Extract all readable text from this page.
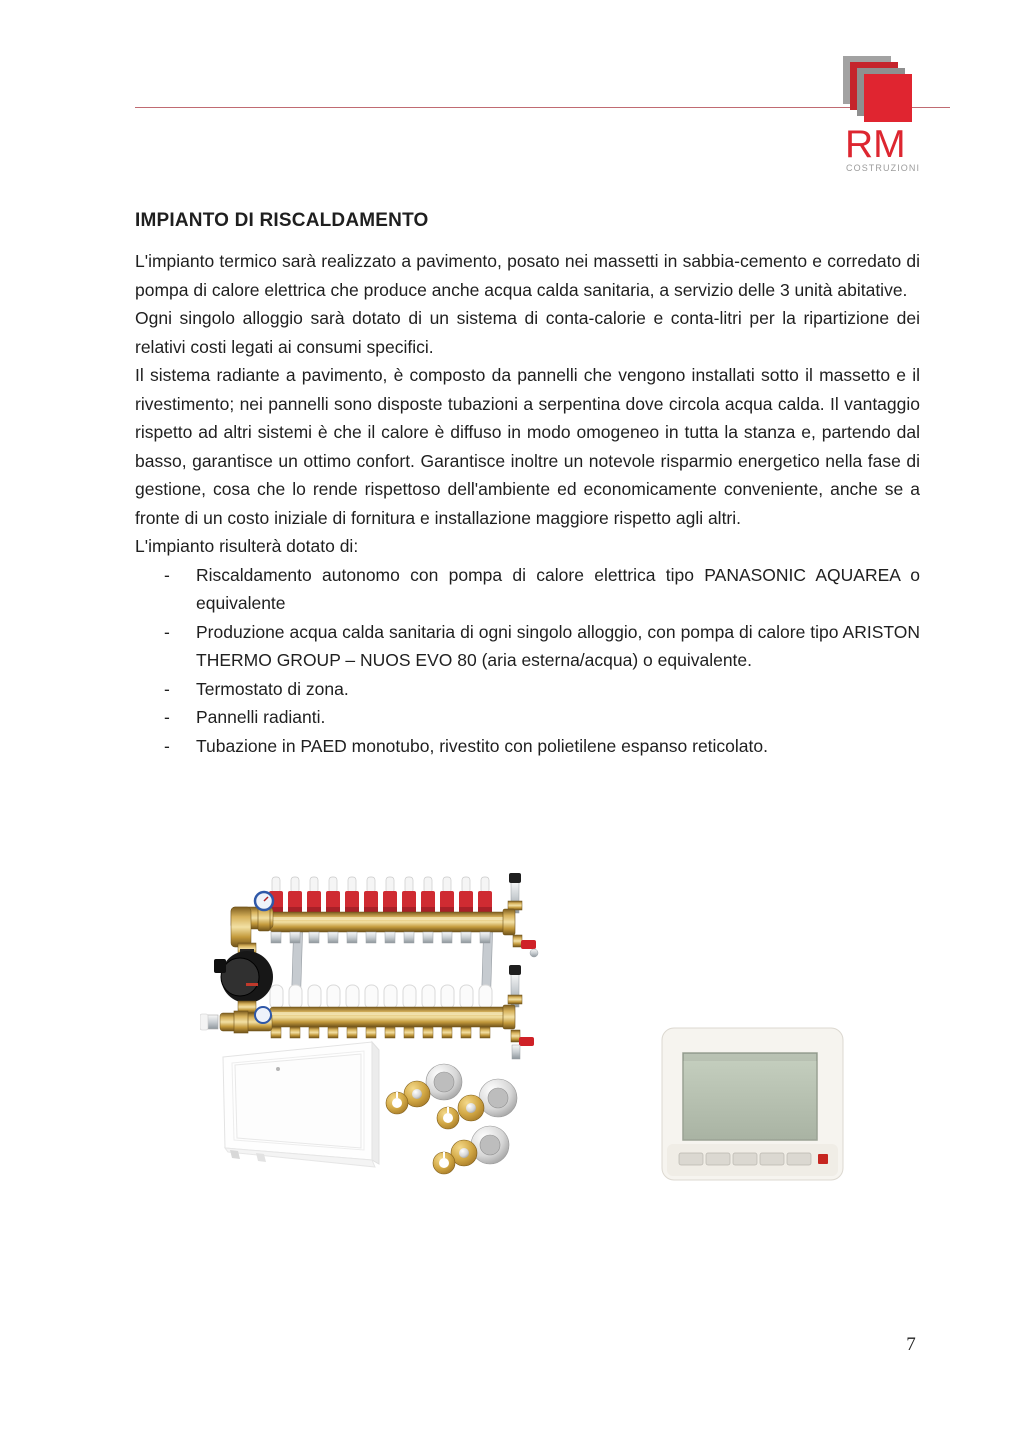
RM
COSTRUZIONI
IMPIANTO DI RISCALDAMENTO

L'impianto termico sarà realizzato a pavimento, posato nei massetti in sabbia-cemento e corredato di pompa di calore elettrica che produce anche acqua calda sanitaria, a servizio delle 3 unità abitative.

Ogni singolo alloggio sarà dotato di un sistema di conta-calorie e conta-litri per la ripartizione dei relativi costi legati ai consumi specifici.

Il sistema radiante a pavimento, è composto da pannelli che vengono installati sotto il massetto e il rivestimento; nei pannelli sono disposte tubazioni a serpentina dove circola acqua calda. Il vantaggio rispetto ad altri sistemi è che il calore è diffuso in modo omogeneo in tutta la stanza e, partendo dal basso, garantisce un ottimo confort. Garantisce inoltre un notevole risparmio energetico nella fase di gestione, cosa che lo rende rispettoso dell'ambiente ed economicamente conveniente, anche se a fronte di un costo iniziale di fornitura e installazione maggiore rispetto agli altri.

L'impianto risulterà dotato di:

- Riscaldamento autonomo con pompa di calore elettrica tipo PANASONIC AQUAREA o equivalente
- Produzione acqua calda sanitaria di ogni singolo alloggio, con pompa di calore tipo ARISTON THERMO GROUP – NUOS EVO 80 (aria esterna/acqua) o equivalente.
- Termostato di zona.
- Pannelli radianti.
- Tubazione in PAED monotubo, rivestito con polietilene espanso reticolato.
7
